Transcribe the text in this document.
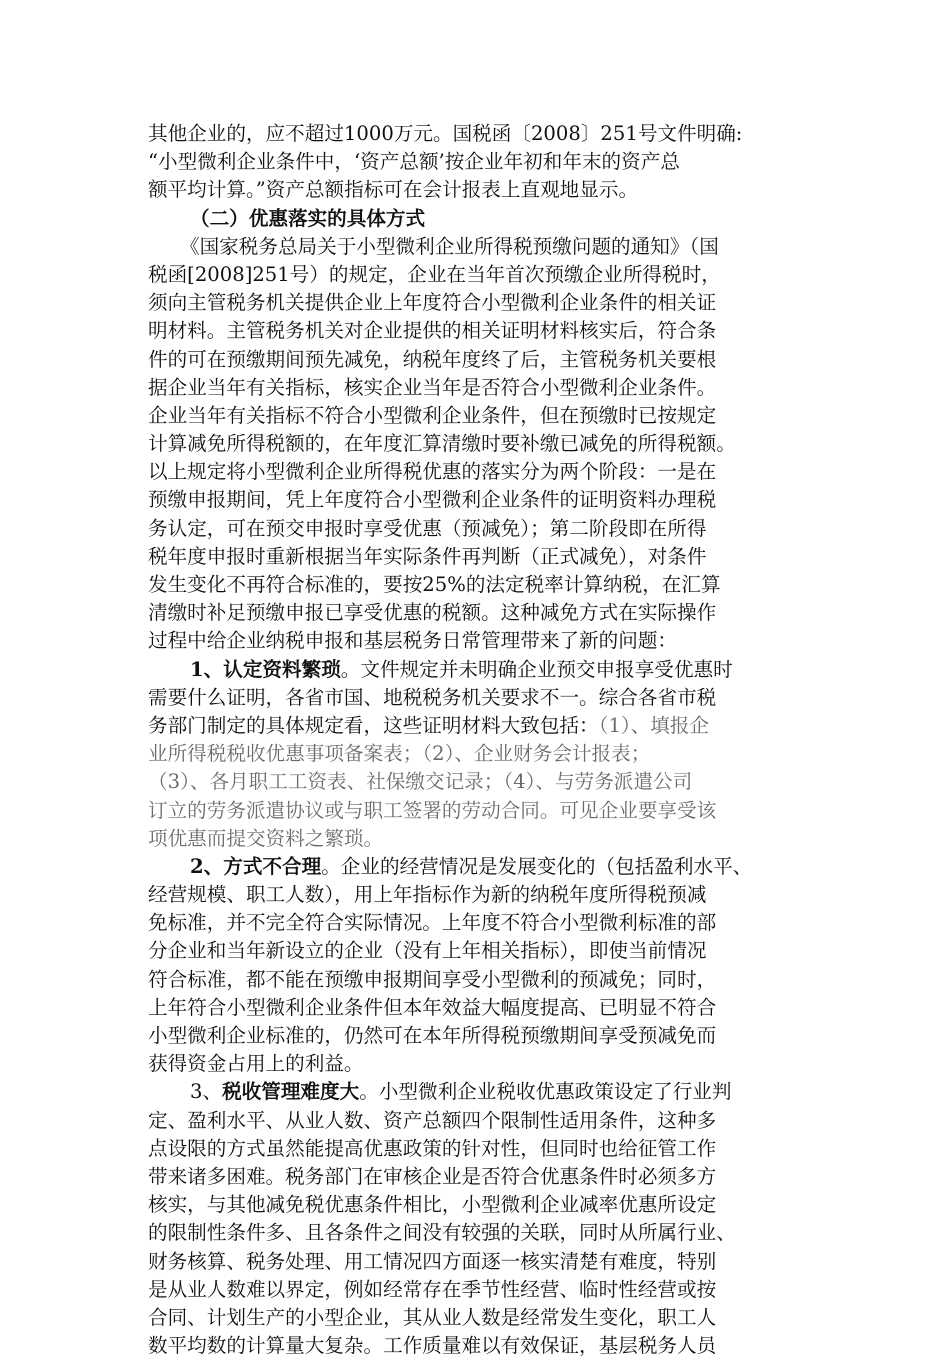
其他企业的，应不超过1000万元。国税函〔2008〕251号文件明确:
“小型微利企业条件中，‘资产总额’按企业年初和年末的资产总
额平均计算。”资产总额指标可在会计报表上直观地显示。
（二）优惠落实的具体方式
《国家税务总局关于小型微利企业所得税预缴问题的通知》（国
税函[2008]251号）的规定，企业在当年首次预缴企业所得税时，
须向主管税务机关提供企业上年度符合小型微利企业条件的相关证
明材料。主管税务机关对企业提供的相关证明材料核实后，符合条
件的可在预缴期间预先减免，纳税年度终了后，主管税务机关要根
据企业当年有关指标，核实企业当年是否符合小型微利企业条件。
企业当年有关指标不符合小型微利企业条件，但在预缴时已按规定
计算减免所得税额的，在年度汇算清缴时要补缴已减免的所得税额。
以上规定将小型微利企业所得税优惠的落实分为两个阶段：一是在
预缴申报期间，凭上年度符合小型微利企业条件的证明资料办理税
务认定，可在预交申报时享受优惠（预减免）；第二阶段即在所得
税年度申报时重新根据当年实际条件再判断（正式减免），对条件
发生变化不再符合标准的，要按25%的法定税率计算纳税，在汇算
清缴时补足预缴申报已享受优惠的税额。这种减免方式在实际操作
过程中给企业纳税申报和基层税务日常管理带来了新的问题：
1、认定资料繁琐。文件规定并未明确企业预交申报享受优惠时
需要什么证明，各省市国、地税税务机关要求不一。综合各省市税
务部门制定的具体规定看，这些证明材料大致包括：（1）、填报企
业所得税税收优惠事项备案表；（2）、企业财务会计报表；
（3）、各月职工工资表、社保缴交记录；（4）、与劳务派遣公司
订立的劳务派遣协议或与职工签署的劳动合同。可见企业要享受该
项优惠而提交资料之繁琐。
2、方式不合理。企业的经营情况是发展变化的（包括盈利水平、
经营规模、职工人数），用上年指标作为新的纳税年度所得税预减
免标准，并不完全符合实际情况。上年度不符合小型微利标准的部
分企业和当年新设立的企业（没有上年相关指标），即使当前情况
符合标准，都不能在预缴申报期间享受小型微利的预减免；同时，
上年符合小型微利企业条件但本年效益大幅度提高、已明显不符合
小型微利企业标准的，仍然可在本年所得税预缴期间享受预减免而
获得资金占用上的利益。
3、税收管理难度大。小型微利企业税收优惠政策设定了行业判
定、盈利水平、从业人数、资产总额四个限制性适用条件，这种多
点设限的方式虽然能提高优惠政策的针对性，但同时也给征管工作
带来诸多困难。税务部门在审核企业是否符合优惠条件时必须多方
核实，与其他减免税优惠条件相比，小型微利企业减率优惠所设定
的限制性条件多、且各条件之间没有较强的关联，同时从所属行业、
财务核算、税务处理、用工情况四方面逐一核实清楚有难度，特别
是从业人数难以界定，例如经常存在季节性经营、临时性经营或按
合同、计划生产的小型企业，其从业人数是经常发生变化，职工人
数平均数的计算量大复杂。工作质量难以有效保证，基层税务人员
